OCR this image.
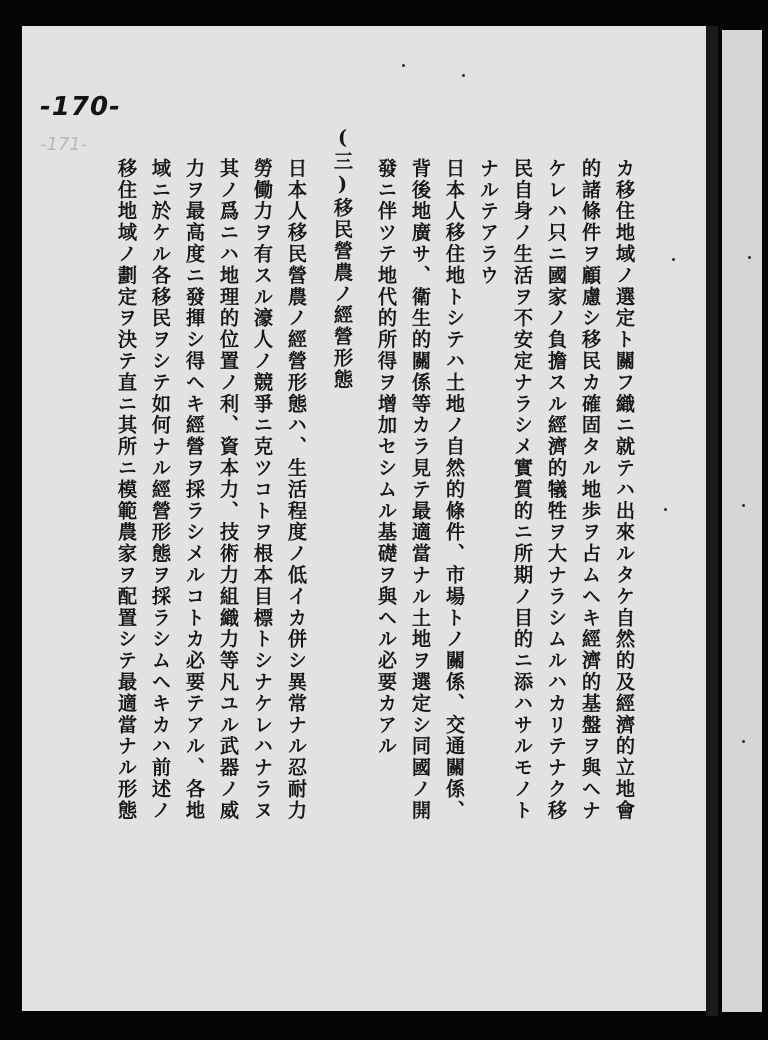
-170-
-171-
カ移住地域ノ選定ト關フ織ニ就テハ出來ルタケ自然的及經濟的立地會
的諸條件ヲ顧慮シ移民カ確固タル地歩ヲ占ムヘキ經濟的基盤ヲ與ヘナ
ケレハ只ニ國家ノ負擔スル經濟的犠牲ヲ大ナラシムルハカリテナク移
民自身ノ生活ヲ不安定ナラシメ實質的ニ所期ノ目的ニ添ハサルモノト
ナルテアラウ
日本人移住地トシテハ土地ノ自然的條件、市場トノ關係、交通關係、
背後地廣サ、衛生的關係等カラ見テ最適當ナル土地ヲ選定シ同國ノ開
發ニ伴ツテ地代的所得ヲ增加セシムル基礎ヲ與ヘル必要カアル
(三)移民營農ノ經營形態
日本人移民營農ノ經營形態ハ、生活程度ノ低イカ併シ異常ナル忍耐力
勞働力ヲ有スル濠人ノ競爭ニ克ツコトヲ根本目標トシナケレハナラヌ
其ノ爲ニハ地理的位置ノ利、資本力、技術力組織力等凡ユル武器ノ威
力ヲ最高度ニ發揮シ得ヘキ經營ヲ採ラシメルコトカ必要テアル、各地
域ニ於ケル各移民ヲシテ如何ナル經營形態ヲ採ラシムヘキカハ前述ノ
移住地域ノ劃定ヲ決テ直ニ其所ニ模範農家ヲ配置シテ最適當ナル形態
